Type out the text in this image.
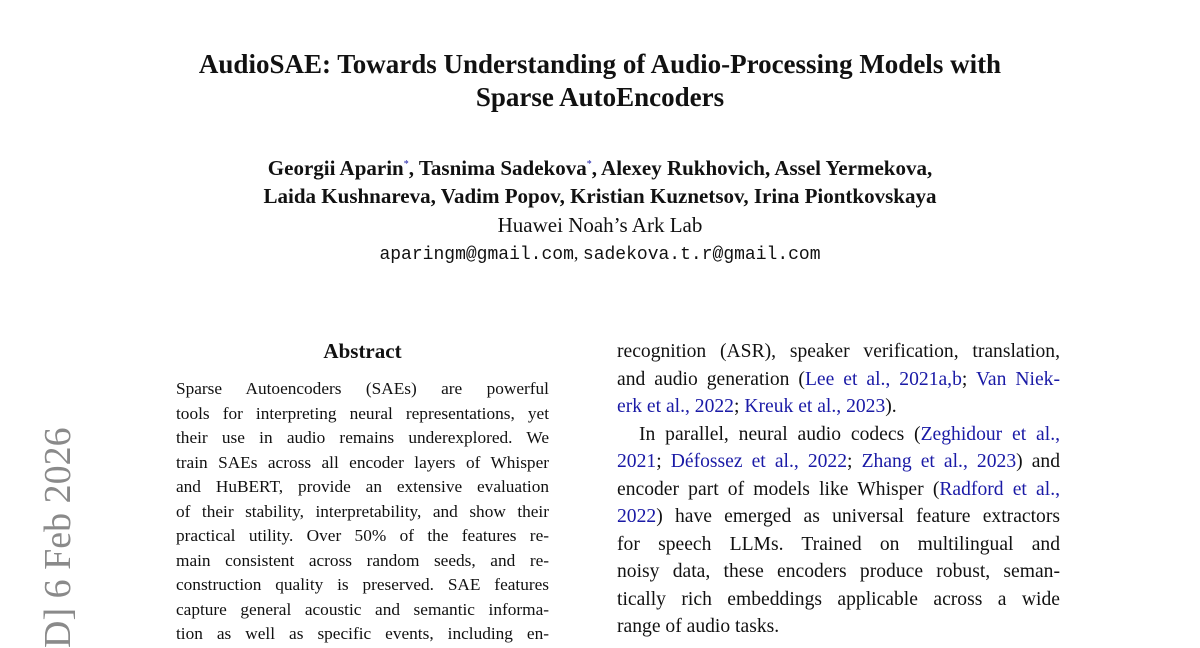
AudioSAE: Towards Understanding of Audio-Processing Models with
Sparse AutoEncoders
Georgii Aparin*, Tasnima Sadekova*, Alexey Rukhovich, Assel Yermekova,
Laida Kushnareva, Vadim Popov, Kristian Kuznetsov, Irina Piontkovskaya
Huawei Noah’s Ark Lab
aparingm@gmail.com, sadekova.t.r@gmail.com
Abstract
Sparse Autoencoders (SAEs) are powerful
tools for interpreting neural representations, yet
their use in audio remains underexplored. We
train SAEs across all encoder layers of Whisper
and HuBERT, provide an extensive evaluation
of their stability, interpretability, and show their
practical utility. Over 50% of the features re-
main consistent across random seeds, and re-
construction quality is preserved. SAE features
capture general acoustic and semantic informa-
tion as well as specific events, including en-
recognition (ASR), speaker verification, translation,
and audio generation (Lee et al., 2021a,b; Van Niek-
erk et al., 2022; Kreuk et al., 2023).
In parallel, neural audio codecs (Zeghidour et al.,
2021; Défossez et al., 2022; Zhang et al., 2023) and
encoder part of models like Whisper (Radford et al.,
2022) have emerged as universal feature extractors
for speech LLMs. Trained on multilingual and
noisy data, these encoders produce robust, seman-
tically rich embeddings applicable across a wide
range of audio tasks.
D] 6 Feb 2026
